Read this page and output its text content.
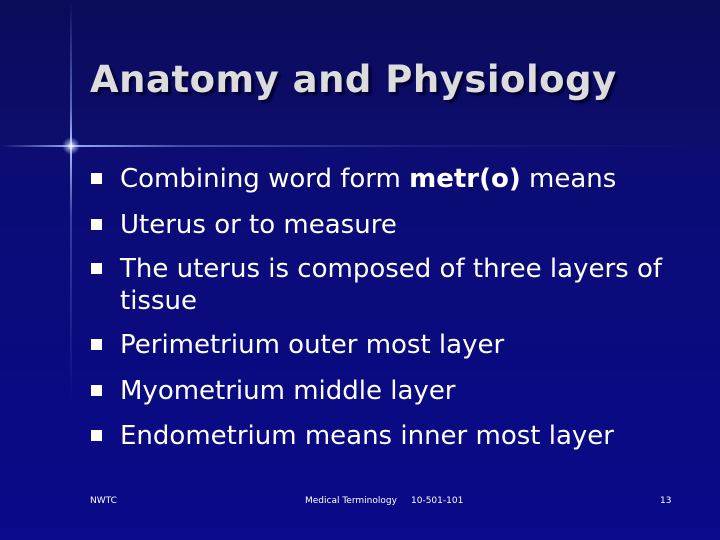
Anatomy and Physiology
Combining word form metr(o) means
Uterus or to measure
The uterus is composed of three layers of tissue
Perimetrium outer most layer
Myometrium middle layer
Endometrium means inner most layer
NWTC	Medical Terminology 10-501-101	13
